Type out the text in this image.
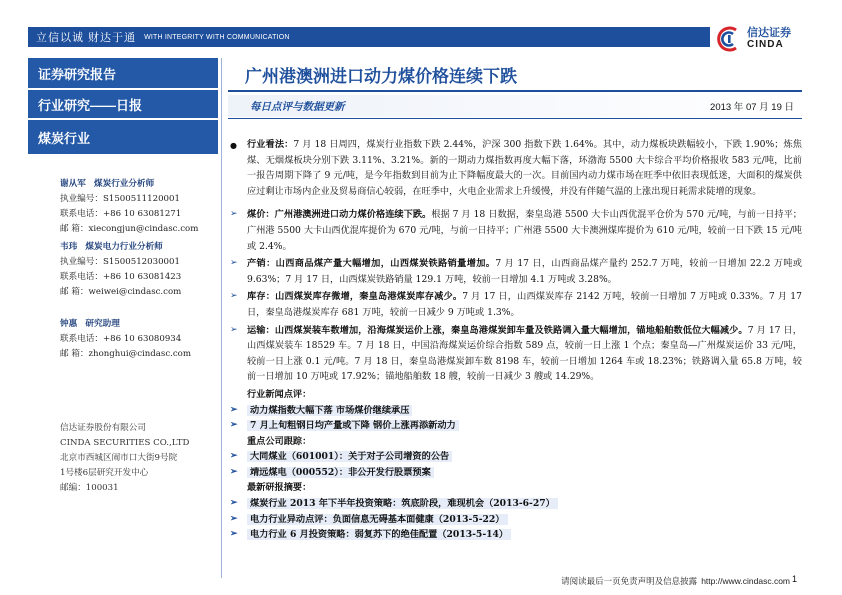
立信以诚 财达于通 WITH INTEGRITY WITH COMMUNICATION	信达证券
CINDA
证券研究报告
行业研究——日报
煤炭行业
谢从军 煤炭行业分析师
执业编号：S1500511120001
联系电话：+86 10 63081271
邮 箱：xiecongjun@cindasc.com
韦玮 煤炭电力行业分析师
执业编号：S1500512030001
联系电话：+86 10 63081423
邮 箱：weiwei@cindasc.com
钟惠 研究助理
联系电话：+86 10 63080934
邮 箱：zhonghui@cindasc.com
信达证券股份有限公司
CINDA SECURITIES CO.,LTD
北京市西城区闹市口大街9号院
1号楼6层研究开发中心
邮编：100031
广州港澳洲进口动力煤价格连续下跌
每日点评与数据更新	2013 年 07 月 19 日

● 行业看法：7 月 18 日周四，煤炭行业指数下跌 2.44%，沪深 300 指数下跌 1.64%。其中，动力煤板块跌幅较小，下跌 1.90%；炼焦煤、无烟煤板块分别下跌 3.11%、3.21%。新的一期动力煤指数再度大幅下落，环渤海 5500 大卡综合平均价格报收 583 元/吨，比前一报告周期下降了 9 元/吨，是今年指数到目前为止下降幅度最大的一次。目前国内动力煤市场在旺季中依旧表现低迷，大面积的煤炭供应过剩让市场内企业及贸易商信心较弱，在旺季中，火电企业需求上升缓慢，并没有伴随气温的上涨出现日耗需求陡增的现象。

➢ 煤价：广州港澳洲进口动力煤价格连续下跌。根据 7 月 18 日数据，秦皇岛港 5500 大卡山西优混平仓价为 570 元/吨，与前一日持平；广州港 5500 大卡山西优混库提价为 670 元/吨，与前一日持平；广州港 5500 大卡澳洲煤库提价为 610 元/吨，较前一日下跌 15 元/吨或 2.4%。

➢ 产销：山西商品煤产量大幅增加，山西煤炭铁路销量增加。7 月 17 日，山西商品煤产量约 252.7 万吨，较前一日增加 22.2 万吨或 9.63%；7 月 17 日，山西煤炭铁路销量 129.1 万吨，较前一日增加 4.1 万吨或 3.28%。

➢ 库存：山西煤炭库存微增，秦皇岛港煤炭库存减少。7 月 17 日，山西煤炭库存 2142 万吨，较前一日增加 7 万吨或 0.33%。7 月 17 日，秦皇岛港煤炭库存 681 万吨，较前一日减少 9 万吨或 1.3%。

➢ 运输：山西煤炭装车数增加，沿海煤炭运价上涨，秦皇岛港煤炭卸车量及铁路调入量大幅增加，锚地船舶数低位大幅减少。7 月 17 日，山西煤炭装车 18529 车。7 月 18 日，中国沿海煤炭运价综合指数 589 点，较前一日上涨 1 个点；秦皇岛—广州煤炭运价 33 元/吨，较前一日上涨 0.1 元/吨。7 月 18 日，秦皇岛港煤炭卸车数 8198 车，较前一日增加 1264 车或 18.23%；铁路调入量 65.8 万吨，较前一日增加 10 万吨或 17.92%；锚地船舶数 18 艘，较前一日减少 3 艘或 14.29%。

行业新闻点评：

➢ 动力煤指数大幅下落 市场煤价继续承压

➢ 7 月上旬粗钢日均产量或下降 钢价上涨再添新动力

重点公司跟踪：

➢ 大同煤业（601001）：关于对子公司增资的公告

➢ 靖远煤电（000552）：非公开发行股票预案

最新研报摘要：

➢ 煤炭行业 2013 年下半年投资策略：筑底阶段，难现机会（2013-6-27）

➢ 电力行业异动点评：负面信息无碍基本面健康（2013-5-22）

➢ 电力行业 6 月投资策略：弱复苏下的绝佳配置（2013-5-14）

请阅读最后一页免责声明及信息披露 http://www.cindasc.com 1
